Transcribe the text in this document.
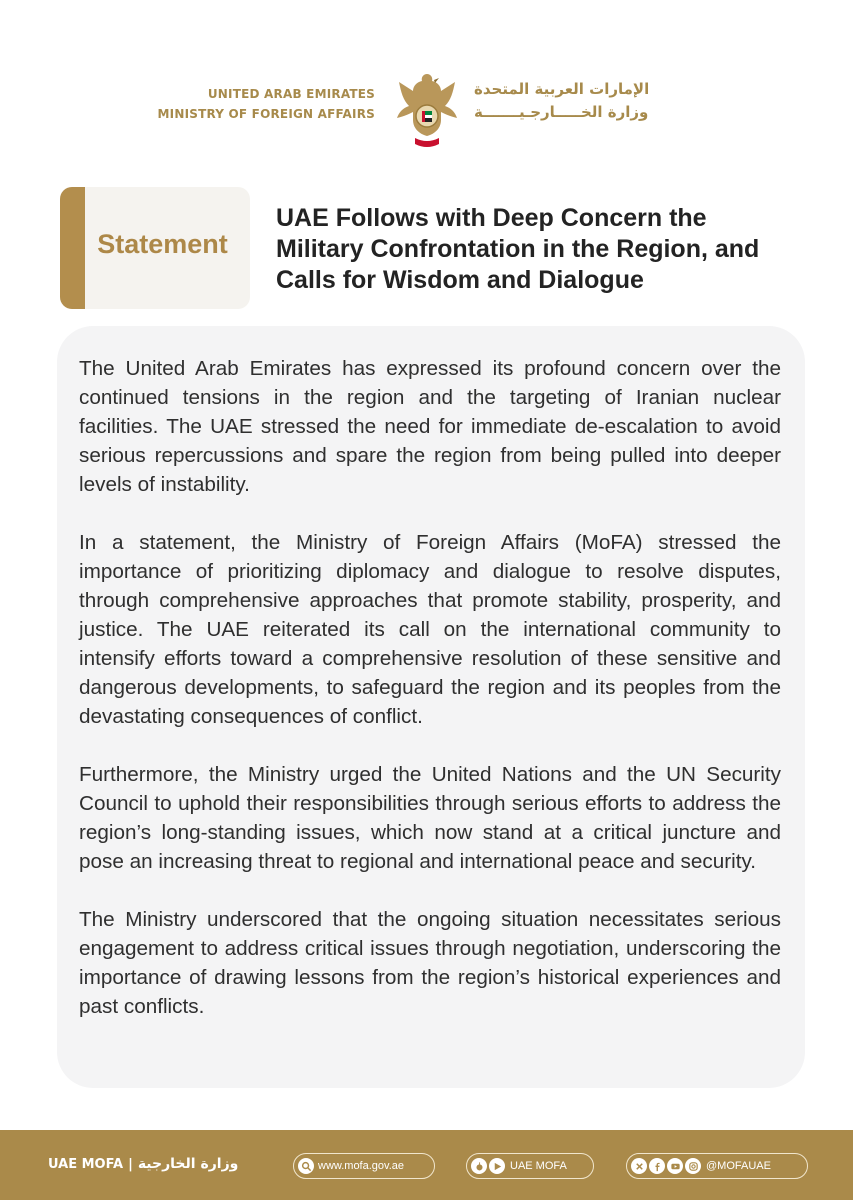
UNITED ARAB EMIRATES
MINISTRY OF FOREIGN AFFAIRS
الإمارات العربية المتحدة
وزارة الخـــــارجـيـــــــة
Statement
UAE Follows with Deep Concern the Military Confrontation in the Region, and Calls for Wisdom and Dialogue

The United Arab Emirates has expressed its profound concern over the continued tensions in the region and the targeting of Iranian nuclear facilities. The UAE stressed the need for immediate de-escalation to avoid serious repercussions and spare the region from being pulled into deeper levels of instability.

In a statement, the Ministry of Foreign Affairs (MoFA) stressed the importance of prioritizing diplomacy and dialogue to resolve disputes, through comprehensive approaches that promote stability, prosperity, and justice. The UAE reiterated its call on the international community to intensify efforts toward a comprehensive resolution of these sensitive and dangerous developments, to safeguard the region and its peoples from the devastating consequences of conflict.

Furthermore, the Ministry urged the United Nations and the UN Security Council to uphold their responsibilities through serious efforts to address the region’s long-standing issues, which now stand at a critical juncture and pose an increasing threat to regional and international peace and security.

The Ministry underscored that the ongoing situation necessitates serious engagement to address critical issues through negotiation, underscoring the importance of drawing lessons from the region’s historical experiences and past conflicts.

UAE MOFA | وزارة الخارجية	www.mofa.gov.ae	UAE MOFA	@MOFAUAE
